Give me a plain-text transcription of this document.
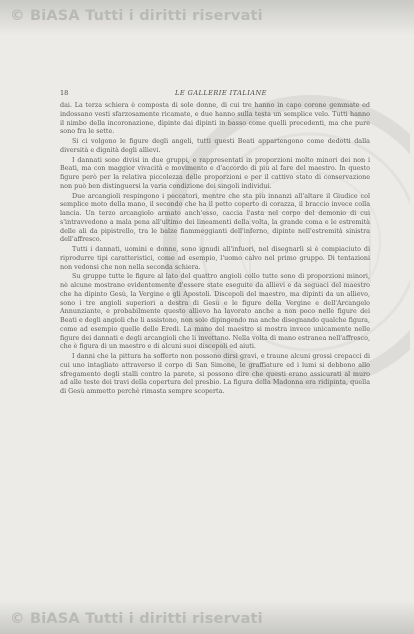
© BiASA Tutti i diritti riservati
18	LE GALLERIE ITALIANE

dai. La terza schiera è composta di sole donne, di cui tre hanno in capo corone gemmate ed indossano vesti sfarzosamente ricamate, e due hanno sulla testa un semplice velo. Tutti hanno il nimbo della incoronazione, dipinte dai dipinti in basso come quelli precedenti, ma che pure sono fra le sette.

Si ci volgono le figure degli angeli, tutti questi Beati appartengono come dedotti dalla diversità e dignità degli allievi.

I dannati sono divisi in due gruppi, e rappresentati in proporzioni molto minori dei non i Beati, ma con maggior vivacità e movimento e d'accordo di più al fare del maestro. In questo figure però per la relativa piccolezza delle proporzioni e per il cattivo stato di conservazione non può ben distinguersi la varia condizione dei singoli individui.

Due arcangioli respingono i peccatori, mentre che sta più innanzi all'altare il Giudice col semplice moto della mano, il secondo che ha il petto coperto di corazza, il braccio invece colla lancia. Un terzo arcangiolo armato anch'esso, caccia l'asta nel corpo del demonio di cui s'intravvedono a mala pena all'ultimo dei lineamenti della volta, la grande coma e le estremità delle ali da pipistrello, tra le balze fiammeggianti dell'inferno, dipinte nell'estremità sinistra dell'affresco.

Tutti i dannati, uomini e donne, sono ignudi all'infuori, nel disegnarli si è compiaciuto di riprodurre tipi caratteristici, come ad esempio, l'uomo calvo nel primo gruppo. Di tentazioni non vedonsi che non nella seconda schiera.

Su gruppe tutte le figure al lato del quattro angioli collo tutte sono di proporzioni minori, nè alcune mostrano evidentemente d'essere state eseguite da allievi e da seguaci del maestro che ha dipinto Gesù, la Vergine e gli Apostoli. Discepoli del maestro, ma dipinti da un allievo, sono i tre angioli superiori a destra di Gesù e le figure della Vergine e dell'Arcangelo Annunziante, e probabilmente questo allievo ha lavorato anche a non poco nelle figure dei Beati e degli angioli che li assistono, non sole dipingendo ma anche disegnando qualche figura, come ad esempio quelle delle Eredi. La mano del maestro si mostra invece unicamente nelle figure dei dannati e degli arcangioli che li invettano. Nella volta di mano estranea nell'affresco, che è figura di un maestro e di alcuni suoi discepoli ed aiuti.

I danni che la pittura ha sofferto non possono dirsi gravi, e traune alcuni grossi crepacci di cui uno intagliato attraverso il corpo di San Simone, le graffiature ed i lumi si debbono allo sfregamento degli stalli contro la parete, si possono dire che questi erano assicurati al muro ad alle teste dei travi della copertura del presbio. La figura della Madonna era ridipinta, quella di Gesù ammetto perchè rimasta sempre scoperta.

© BiASA Tutti i diritti riservati
